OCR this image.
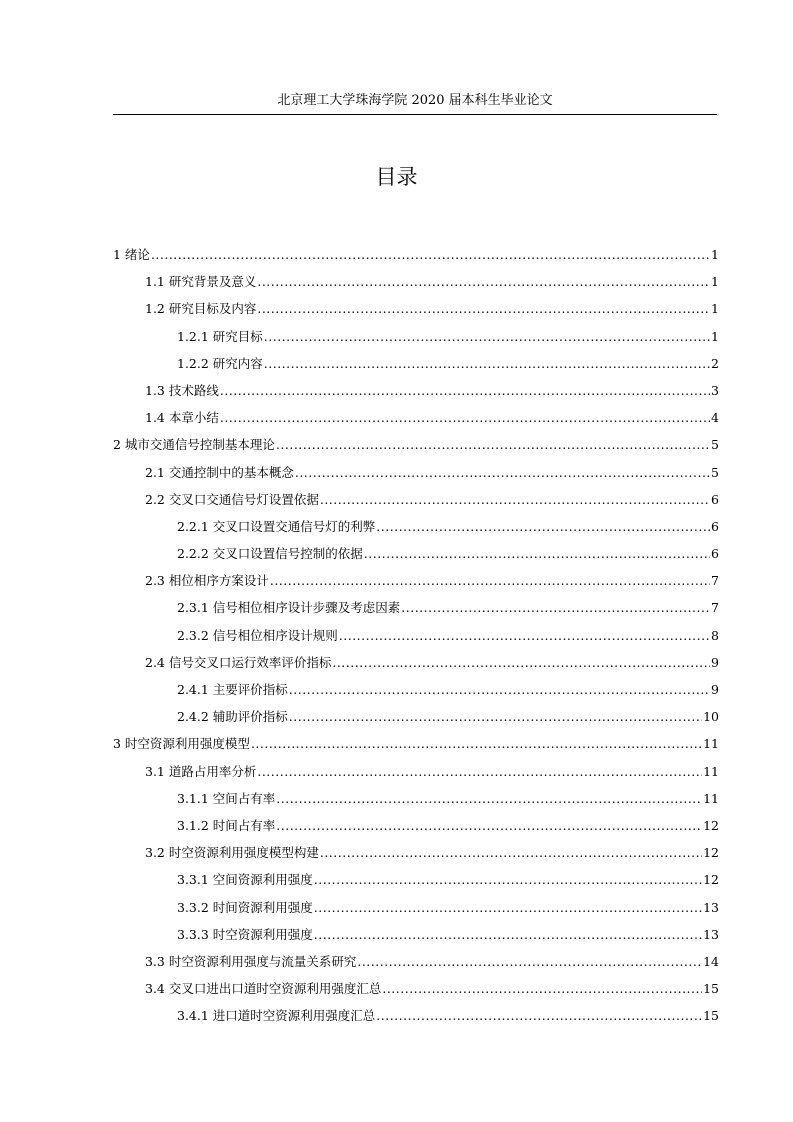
北京理工大学珠海学院 2020 届本科生毕业论文
目录
1 绪论 .....	1
1.1 研究背景及意义 .....	1
1.2 研究目标及内容 .....	1
1.2.1 研究目标 .....	1
1.2.2 研究内容 .....	2
1.3 技术路线 .....	3
1.4 本章小结 .....	4
2 城市交通信号控制基本理论 .....	5
2.1 交通控制中的基本概念 .....	5
2.2 交叉口交通信号灯设置依据 .....	6
2.2.1 交叉口设置交通信号灯的利弊 .....	6
2.2.2 交叉口设置信号控制的依据 .....	6
2.3 相位相序方案设计 .....	7
2.3.1 信号相位相序设计步骤及考虑因素 .....	7
2.3.2 信号相位相序设计规则 .....	8
2.4 信号交叉口运行效率评价指标 .....	9
2.4.1 主要评价指标 .....	9
2.4.2 辅助评价指标 .....	10
3 时空资源利用强度模型 .....	11
3.1 道路占用率分析 .....	11
3.1.1 空间占有率 .....	11
3.1.2 时间占有率 .....	12
3.2 时空资源利用强度模型构建 .....	12
3.3.1 空间资源利用强度 .....	12
3.3.2 时间资源利用强度 .....	13
3.3.3 时空资源利用强度 .....	13
3.3 时空资源利用强度与流量关系研究 .....	14
3.4 交叉口进出口道时空资源利用强度汇总 .....	15
3.4.1 进口道时空资源利用强度汇总 .....	15
